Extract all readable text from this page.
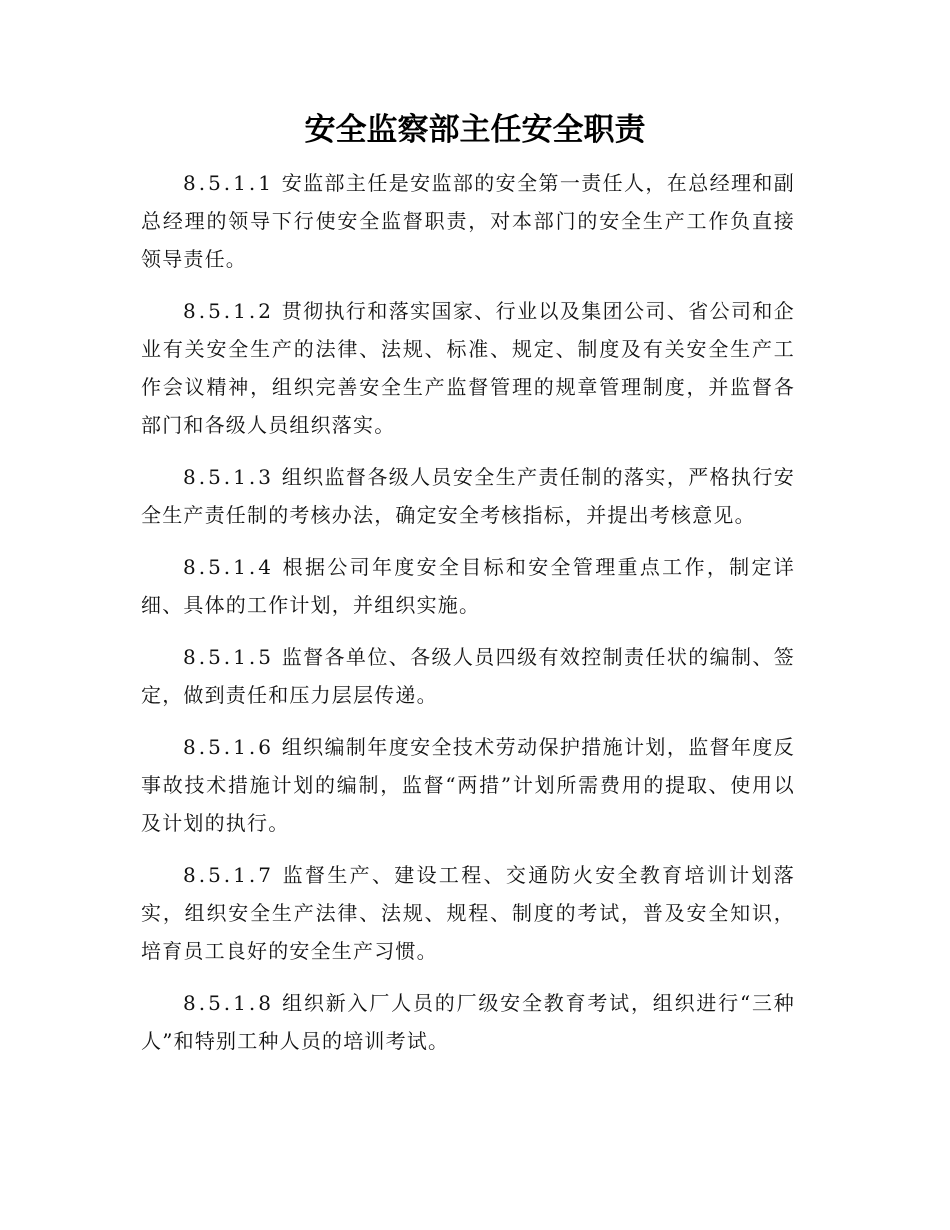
安全监察部主任安全职责

8.5.1.1 安监部主任是安监部的安全第一责任人，在总经理和副总经理的领导下行使安全监督职责，对本部门的安全生产工作负直接领导责任。

8.5.1.2 贯彻执行和落实国家、行业以及集团公司、省公司和企业有关安全生产的法律、法规、标准、规定、制度及有关安全生产工作会议精神，组织完善安全生产监督管理的规章管理制度，并监督各部门和各级人员组织落实。

8.5.1.3 组织监督各级人员安全生产责任制的落实，严格执行安全生产责任制的考核办法，确定安全考核指标，并提出考核意见。

8.5.1.4 根据公司年度安全目标和安全管理重点工作，制定详细、具体的工作计划，并组织实施。

8.5.1.5 监督各单位、各级人员四级有效控制责任状的编制、签定，做到责任和压力层层传递。

8.5.1.6 组织编制年度安全技术劳动保护措施计划，监督年度反事故技术措施计划的编制，监督“两措”计划所需费用的提取、使用以及计划的执行。

8.5.1.7 监督生产、建设工程、交通防火安全教育培训计划落实，组织安全生产法律、法规、规程、制度的考试，普及安全知识，培育员工良好的安全生产习惯。

8.5.1.8 组织新入厂人员的厂级安全教育考试，组织进行“三种人”和特别工种人员的培训考试。
